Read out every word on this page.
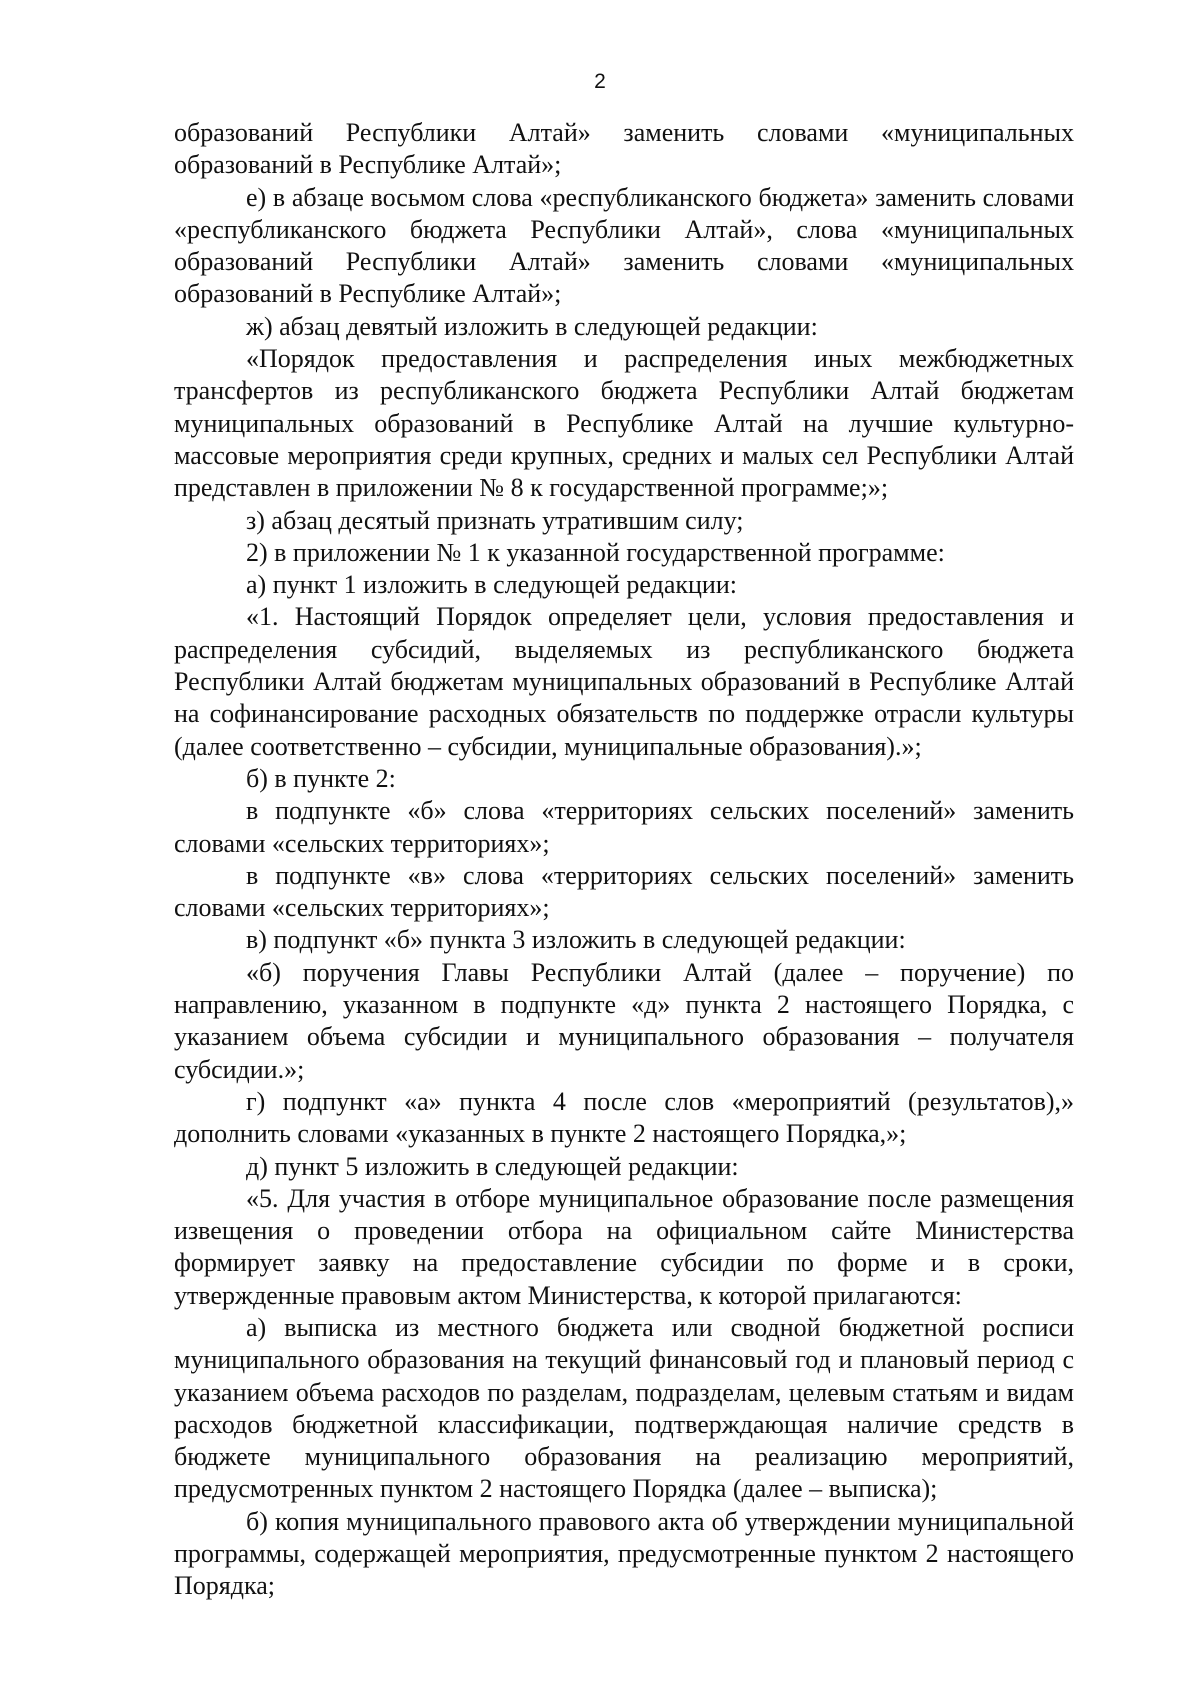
2

образований Республики Алтай» заменить словами «муниципальных образований в Республике Алтай»;

е) в абзаце восьмом слова «республиканского бюджета» заменить словами «республиканского бюджета Республики Алтай», слова «муниципальных образований Республики Алтай» заменить словами «муниципальных образований в Республике Алтай»;

ж) абзац девятый изложить в следующей редакции:

«Порядок предоставления и распределения иных межбюджетных трансфертов из республиканского бюджета Республики Алтай бюджетам муниципальных образований в Республике Алтай на лучшие культурно-массовые мероприятия среди крупных, средних и малых сел Республики Алтай представлен в приложении № 8 к государственной программе;»;

з) абзац десятый признать утратившим силу;

2) в приложении № 1 к указанной государственной программе:

а) пункт 1 изложить в следующей редакции:

«1. Настоящий Порядок определяет цели, условия предоставления и распределения субсидий, выделяемых из республиканского бюджета Республики Алтай бюджетам муниципальных образований в Республике Алтай на софинансирование расходных обязательств по поддержке отрасли культуры (далее соответственно – субсидии, муниципальные образования).»;

б) в пункте 2:

в подпункте «б» слова «территориях сельских поселений» заменить словами «сельских территориях»;

в подпункте «в» слова «территориях сельских поселений» заменить словами «сельских территориях»;

в) подпункт «б» пункта 3 изложить в следующей редакции:

«б) поручения Главы Республики Алтай (далее – поручение) по направлению, указанном в подпункте «д» пункта 2 настоящего Порядка, с указанием объема субсидии и муниципального образования – получателя субсидии.»;

г) подпункт «а» пункта 4 после слов «мероприятий (результатов),» дополнить словами «указанных в пункте 2 настоящего Порядка,»;

д) пункт 5 изложить в следующей редакции:

«5. Для участия в отборе муниципальное образование после размещения извещения о проведении отбора на официальном сайте Министерства формирует заявку на предоставление субсидии по форме и в сроки, утвержденные правовым актом Министерства, к которой прилагаются:

а) выписка из местного бюджета или сводной бюджетной росписи муниципального образования на текущий финансовый год и плановый период с указанием объема расходов по разделам, подразделам, целевым статьям и видам расходов бюджетной классификации, подтверждающая наличие средств в бюджете муниципального образования на реализацию мероприятий, предусмотренных пунктом 2 настоящего Порядка (далее – выписка);

б) копия муниципального правового акта об утверждении муниципальной программы, содержащей мероприятия, предусмотренные пунктом 2 настоящего Порядка;
